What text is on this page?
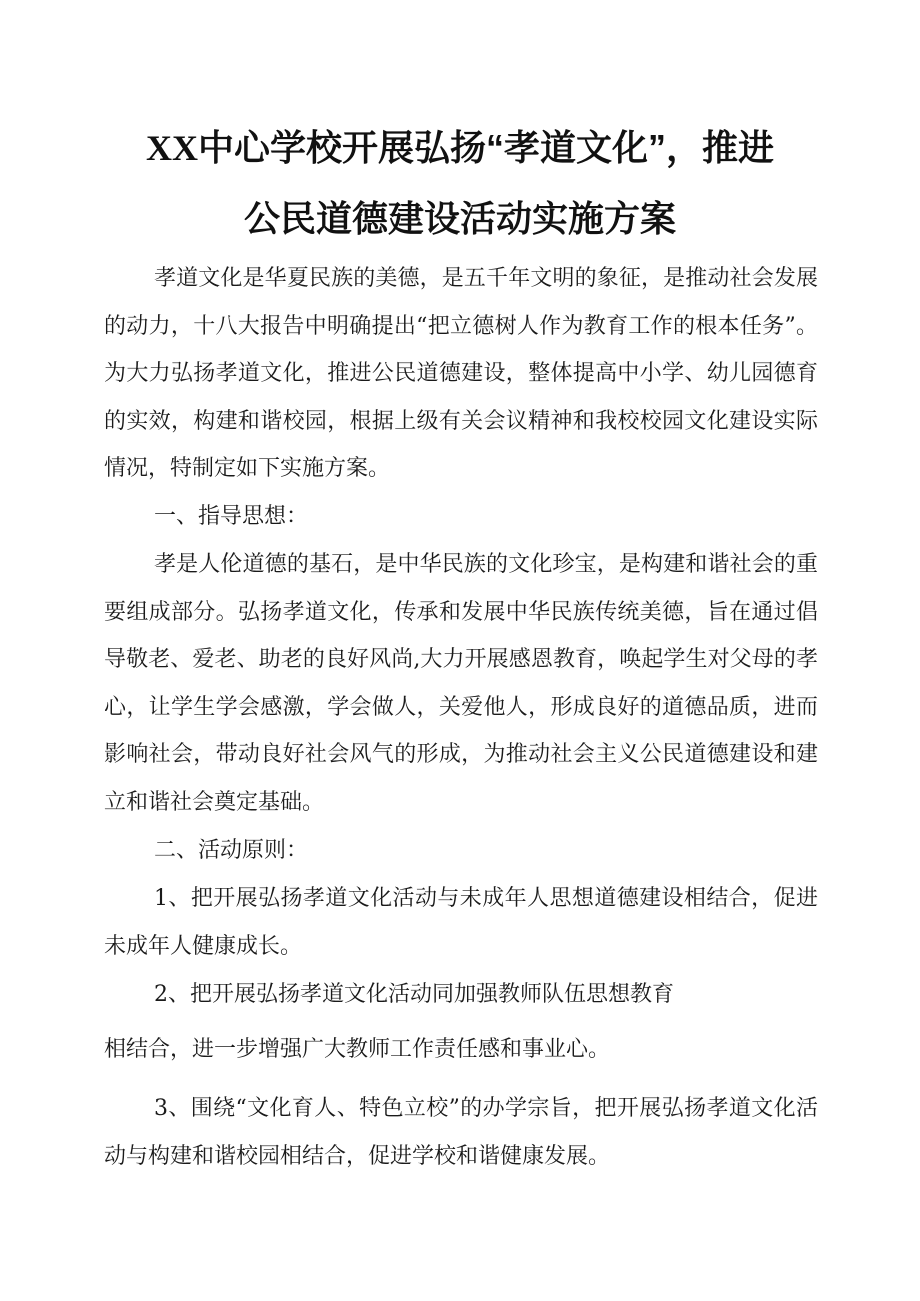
XX中心学校开展弘扬“孝道文化”，推进
公民道德建设活动实施方案

孝道文化是华夏民族的美德，是五千年文明的象征，是推动社会发展的动力，十八大报告中明确提出“把立德树人作为教育工作的根本任务”。为大力弘扬孝道文化，推进公民道德建设，整体提高中小学、幼儿园德育的实效，构建和谐校园，根据上级有关会议精神和我校校园文化建设实际情况，特制定如下实施方案。

一、指导思想：

孝是人伦道德的基石，是中华民族的文化珍宝，是构建和谐社会的重要组成部分。弘扬孝道文化，传承和发展中华民族传统美德，旨在通过倡导敬老、爱老、助老的良好风尚,大力开展感恩教育，唤起学生对父母的孝心，让学生学会感激，学会做人，关爱他人，形成良好的道德品质，进而影响社会，带动良好社会风气的形成，为推动社会主义公民道德建设和建立和谐社会奠定基础。

二、活动原则：

1、把开展弘扬孝道文化活动与未成年人思想道德建设相结合，促进未成年人健康成长。

2、把开展弘扬孝道文化活动同加强教师队伍思想教育

相结合，进一步增强广大教师工作责任感和事业心。

3、围绕“文化育人、特色立校”的办学宗旨，把开展弘扬孝道文化活动与构建和谐校园相结合，促进学校和谐健康发展。
